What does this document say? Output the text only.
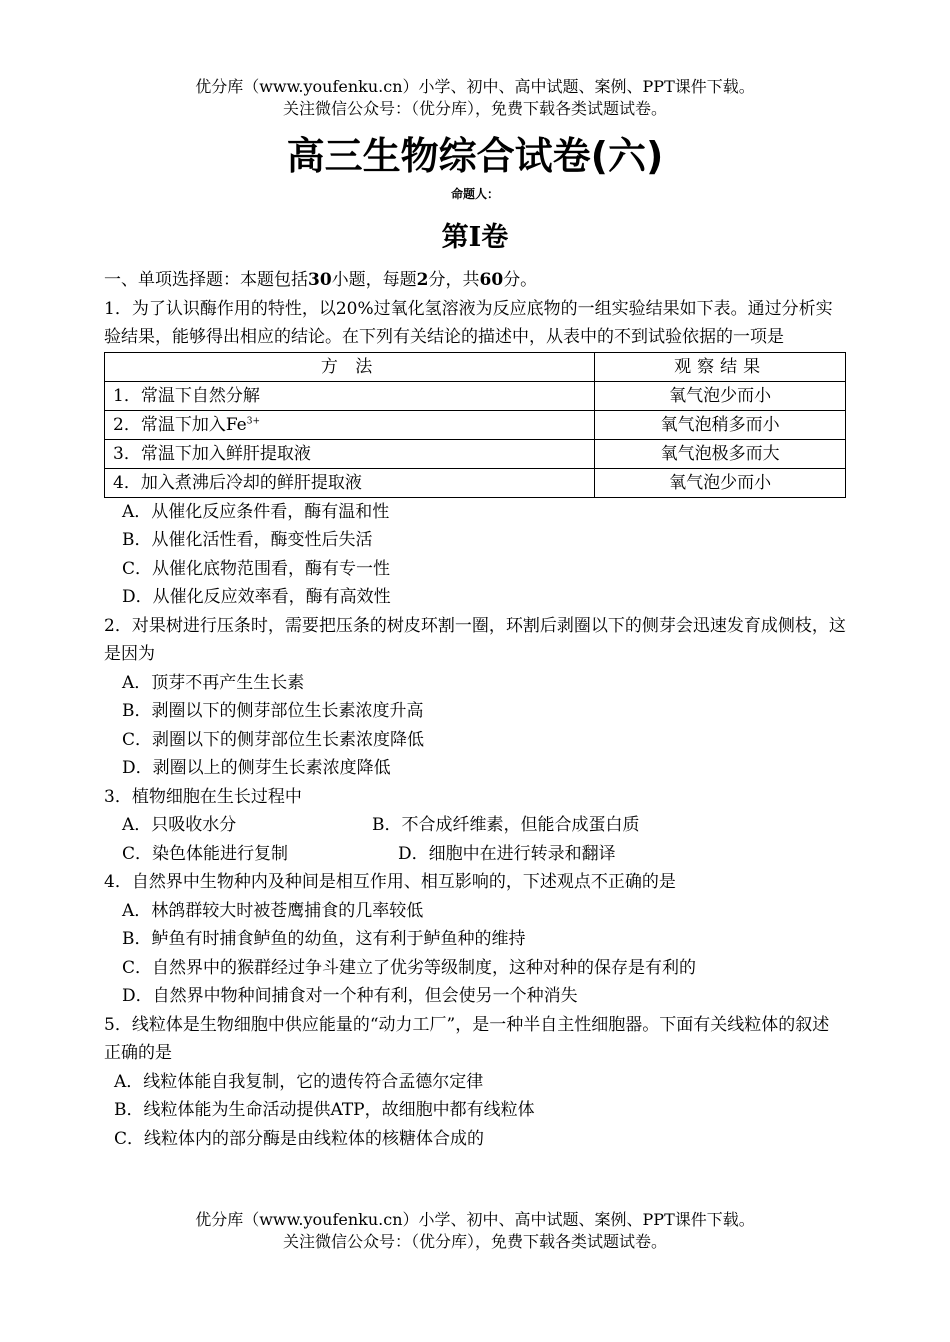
优分库（www.youfenku.cn）小学、初中、高中试题、案例、PPT课件下载。
关注微信公众号：（优分库），免费下载各类试题试卷。
高三生物综合试卷(六)
命题人：
第Ⅰ卷

一、单项选择题：本题包括30小题，每题2分，共60分。

1．为了认识酶作用的特性，以20%过氧化氢溶液为反应底物的一组实验结果如下表。通过分析实验结果，能够得出相应的结论。在下列有关结论的描述中，从表中的不到试验依据的一项是

方 法	观察结果
1．常温下自然分解	氧气泡少而小
2．常温下加入$Fe^{3+}$	氧气泡稍多而小
3．常温下加入鲜肝提取液	氧气泡极多而大
4．加入煮沸后冷却的鲜肝提取液	氧气泡少而小

A．从催化反应条件看，酶有温和性

B．从催化活性看，酶变性后失活

C．从催化底物范围看，酶有专一性

D．从催化反应效率看，酶有高效性

2．对果树进行压条时，需要把压条的树皮环割一圈，环割后剥圈以下的侧芽会迅速发育成侧枝，这是因为

A．顶芽不再产生生长素

B．剥圈以下的侧芽部位生长素浓度升高

C．剥圈以下的侧芽部位生长素浓度降低

D．剥圈以上的侧芽生长素浓度降低

3．植物细胞在生长过程中

A．只吸收水分	B．不合成纤维素，但能合成蛋白质
C．染色体能进行复制	D．细胞中在进行转录和翻译

4．自然界中生物种内及种间是相互作用、相互影响的，下述观点不正确的是

A．林鸽群较大时被苍鹰捕食的几率较低

B．鲈鱼有时捕食鲈鱼的幼鱼，这有利于鲈鱼种的维持

C．自然界中的猴群经过争斗建立了优劣等级制度，这种对种的保存是有利的

D．自然界中物种间捕食对一个种有利，但会使另一个种消失

5．线粒体是生物细胞中供应能量的“动力工厂”，是一种半自主性细胞器。下面有关线粒体的叙述正确的是

A．线粒体能自我复制，它的遗传符合孟德尔定律

B．线粒体能为生命活动提供ATP，故细胞中都有线粒体

C．线粒体内的部分酶是由线粒体的核糖体合成的

优分库（www.youfenku.cn）小学、初中、高中试题、案例、PPT课件下载。
关注微信公众号：（优分库），免费下载各类试题试卷。
